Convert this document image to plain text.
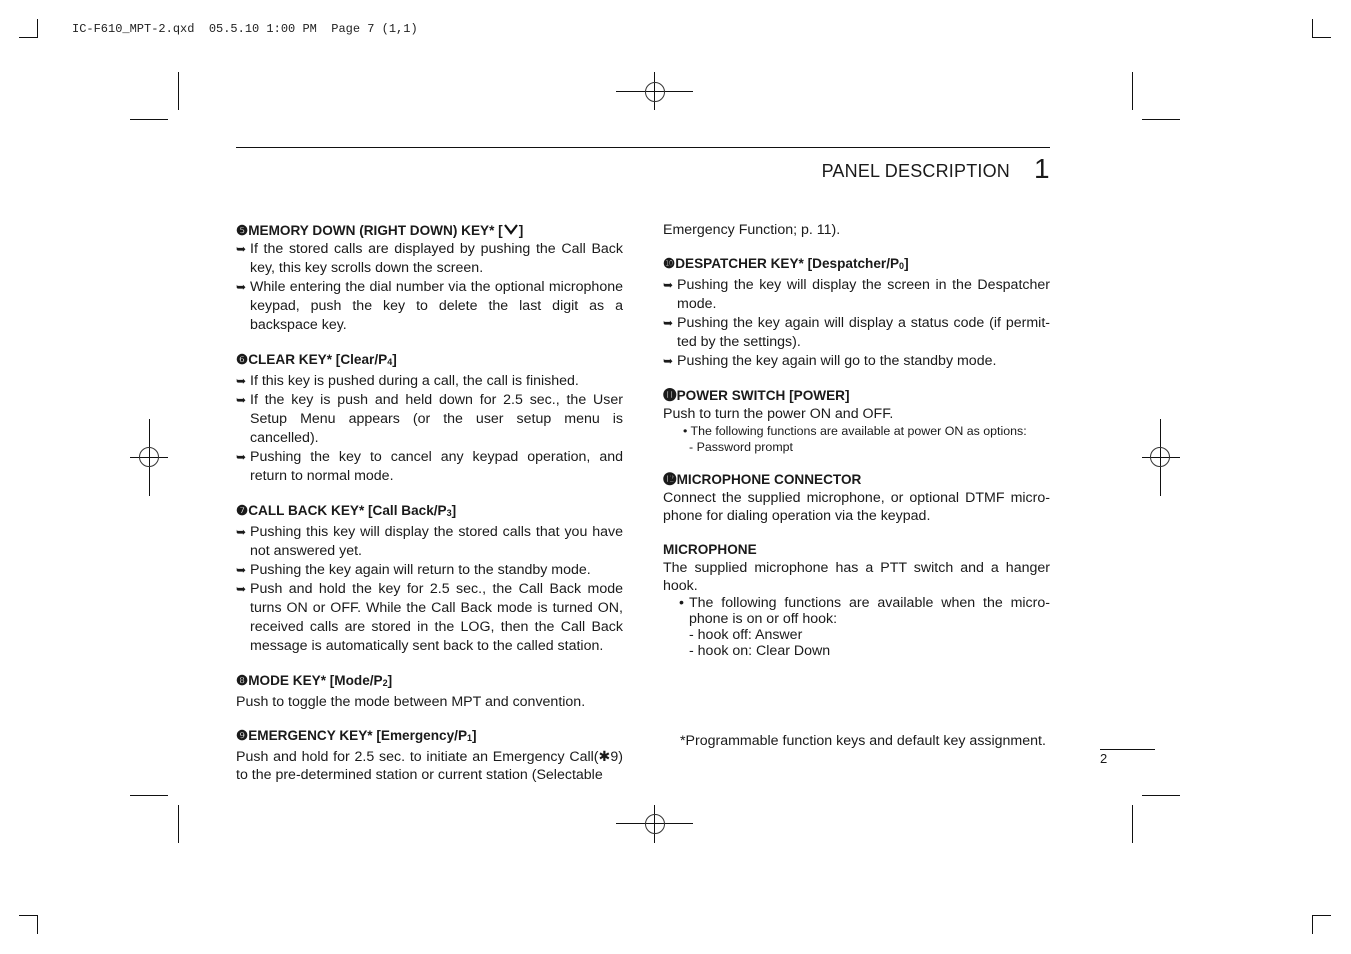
IC-F610_MPT-2.qxd  05.5.10 1:00 PM  Page 7 (1,1)
PANEL DESCRIPTION 1

❺MEMORY DOWN (RIGHT DOWN) KEY* [ ]

➥ If the stored calls are displayed by pushing the Call Back key, this key scrolls down the screen.
➥ While entering the dial number via the optional microphone keypad, push the key to delete the last digit as a backspace key.

❻CLEAR KEY* $[Clear/P_4]$

➥ If this key is pushed during a call, the call is finished.
➥ If the key is push and held down for 2.5 sec., the User Setup Menu appears (or the user setup menu is cancelled).
➥ Pushing the key to cancel any keypad operation, and return to normal mode.

❼CALL BACK KEY* [Call Back/$P_3$]

➥ Pushing this key will display the stored calls that you have not answered yet.
➥ Pushing the key again will return to the standby mode.
➥ Push and hold the key for 2.5 sec., the Call Back mode turns ON or OFF. While the Call Back mode is turned ON, received calls are stored in the LOG, then the Call Back message is automatically sent back to the called station.

❽MODE KEY* $[Mode/P_2]$

Push to toggle the mode between MPT and convention.

❾EMERGENCY KEY* $[Emergency/P_1]$

Push and hold for 2.5 sec. to initiate an Emergency Call(✱9) to the pre-determined station or current station (Selectable
Emergency Function; p. 11).

❿DESPATCHER KEY* $[Despatcher/P_0]$

➥ Pushing the key will display the screen in the Despatcher mode.
➥ Pushing the key again will display a status code (if permit-ted by the settings).
➥ Pushing the key again will go to the standby mode.

⓫POWER SWITCH [POWER]

Push to turn the power ON and OFF.
• The following functions are available at power ON as options:
- Password prompt

⓬MICROPHONE CONNECTOR

Connect the supplied microphone, or optional DTMF micro-phone for dialing operation via the keypad.

MICROPHONE

The supplied microphone has a PTT switch and a hanger hook.
• The following functions are available when the micro-phone is on or off hook:
- hook off: Answer
- hook on: Clear Down
*Programmable function keys and default key assignment.
2
